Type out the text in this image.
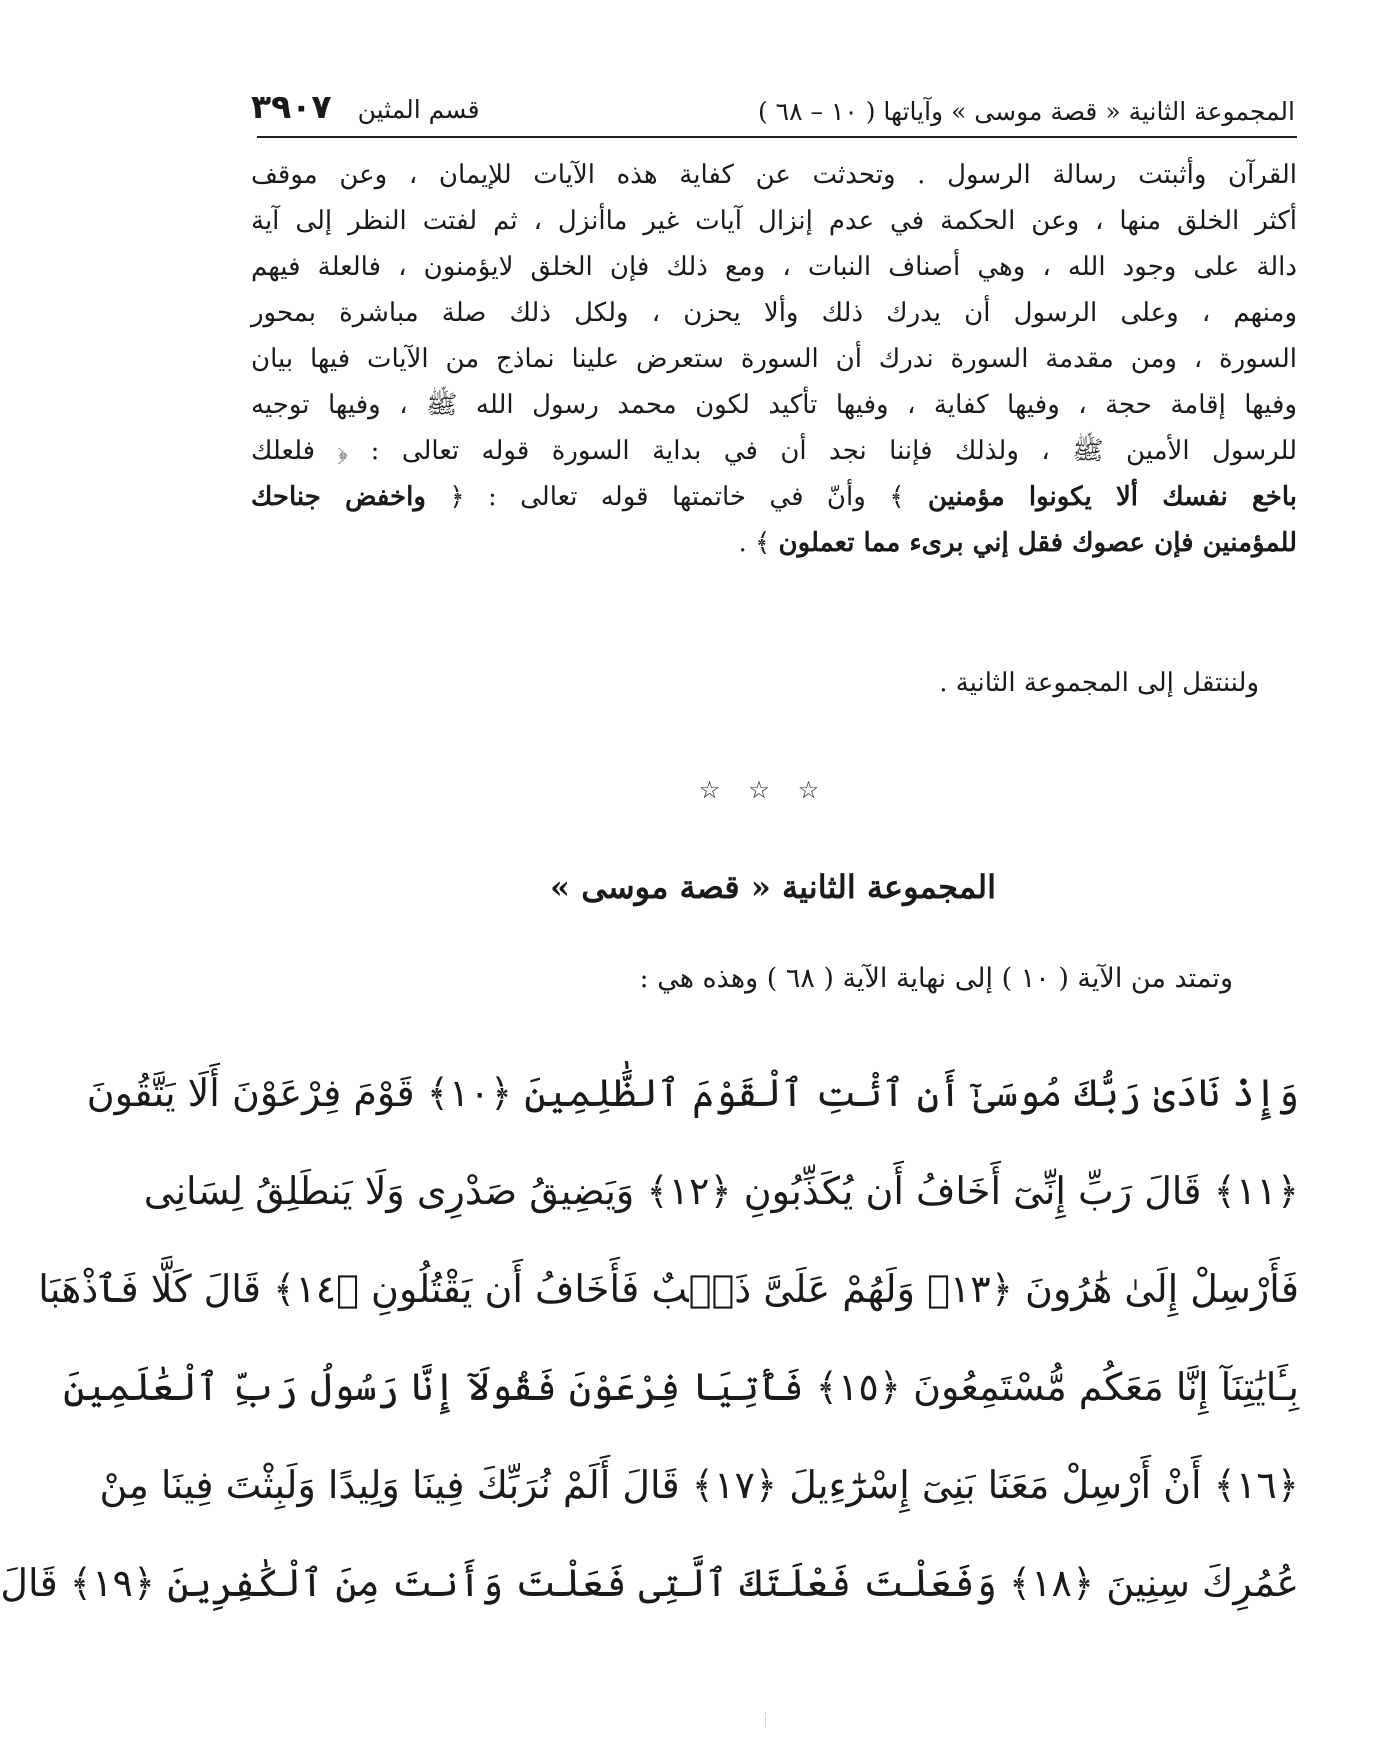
المجموعة الثانية « قصة موسى » وآياتها ( ١٠ – ٦٨ )
قسم المثين
٣٩٠٧
القرآن وأثبتت رسالة الرسول . وتحدثت عن كفاية هذه الآيات للإيمان ، وعن موقف
أكثر الخلق منها ، وعن الحكمة في عدم إنزال آيات غير ماأنزل ، ثم لفتت النظر إلى آية
دالة على وجود الله ، وهي أصناف النبات ، ومع ذلك فإن الخلق لايؤمنون ، فالعلة فيهم
ومنهم ، وعلى الرسول أن يدرك ذلك وألا يحزن ، ولكل ذلك صلة مباشرة بمحور
السورة ، ومن مقدمة السورة ندرك أن السورة ستعرض علينا نماذج من الآيات فيها بيان
وفيها إقامة حجة ، وفيها كفاية ، وفيها تأكيد لكون محمد رسول الله ﷺ ، وفيها توجيه
للرسول الأمين ﷺ ، ولذلك فإننا نجد أن في بداية السورة قوله تعالى : ﴿ فلعلك
باخع نفسك ألا يكونوا مؤمنين ﴾ وأنّ في خاتمتها قوله تعالى : ﴿ واخفض جناحك
للمؤمنين فإن عصوك فقل إني برىء مما تعملون ﴾ .
ولننتقل إلى المجموعة الثانية .
☆☆☆
المجموعة الثانية « قصة موسى »
وتمتد من الآية ( ١٠ ) إلى نهاية الآية ( ٦٨ ) وهذه هي :
وَإِذْ نَادَىٰ رَبُّكَ مُوسَىٰٓ أَنِ ٱئْتِ ٱلْقَوْمَ ٱلظَّٰلِمِينَ ﴿١٠﴾ قَوْمَ فِرْعَوْنَ أَلَا يَتَّقُونَ
﴿١١﴾ قَالَ رَبِّ إِنِّىٓ أَخَافُ أَن يُكَذِّبُونِ ﴿١٢﴾ وَيَضِيقُ صَدْرِى وَلَا يَنطَلِقُ لِسَانِى
فَأَرْسِلْ إِلَىٰ هَٰرُونَ ﴿١٣﴾ وَلَهُمْ عَلَىَّ ذَنۢبٌ فَأَخَافُ أَن يَقْتُلُونِ ﴿١٤﴾ قَالَ كَلَّا فَٱذْهَبَا
بِـَٔايَٰتِنَآ إِنَّا مَعَكُم مُّسْتَمِعُونَ ﴿١٥﴾ فَأْتِيَا فِرْعَوْنَ فَقُولَآ إِنَّا رَسُولُ رَبِّ ٱلْعَٰلَمِينَ
﴿١٦﴾ أَنْ أَرْسِلْ مَعَنَا بَنِىٓ إِسْرَٰٓءِيلَ ﴿١٧﴾ قَالَ أَلَمْ نُرَبِّكَ فِينَا وَلِيدًا وَلَبِثْتَ فِينَا مِنْ
عُمُرِكَ سِنِينَ ﴿١٨﴾ وَفَعَلْتَ فَعْلَتَكَ ٱلَّتِى فَعَلْتَ وَأَنتَ مِنَ ٱلْكَٰفِرِينَ ﴿١٩﴾ قَالَ
